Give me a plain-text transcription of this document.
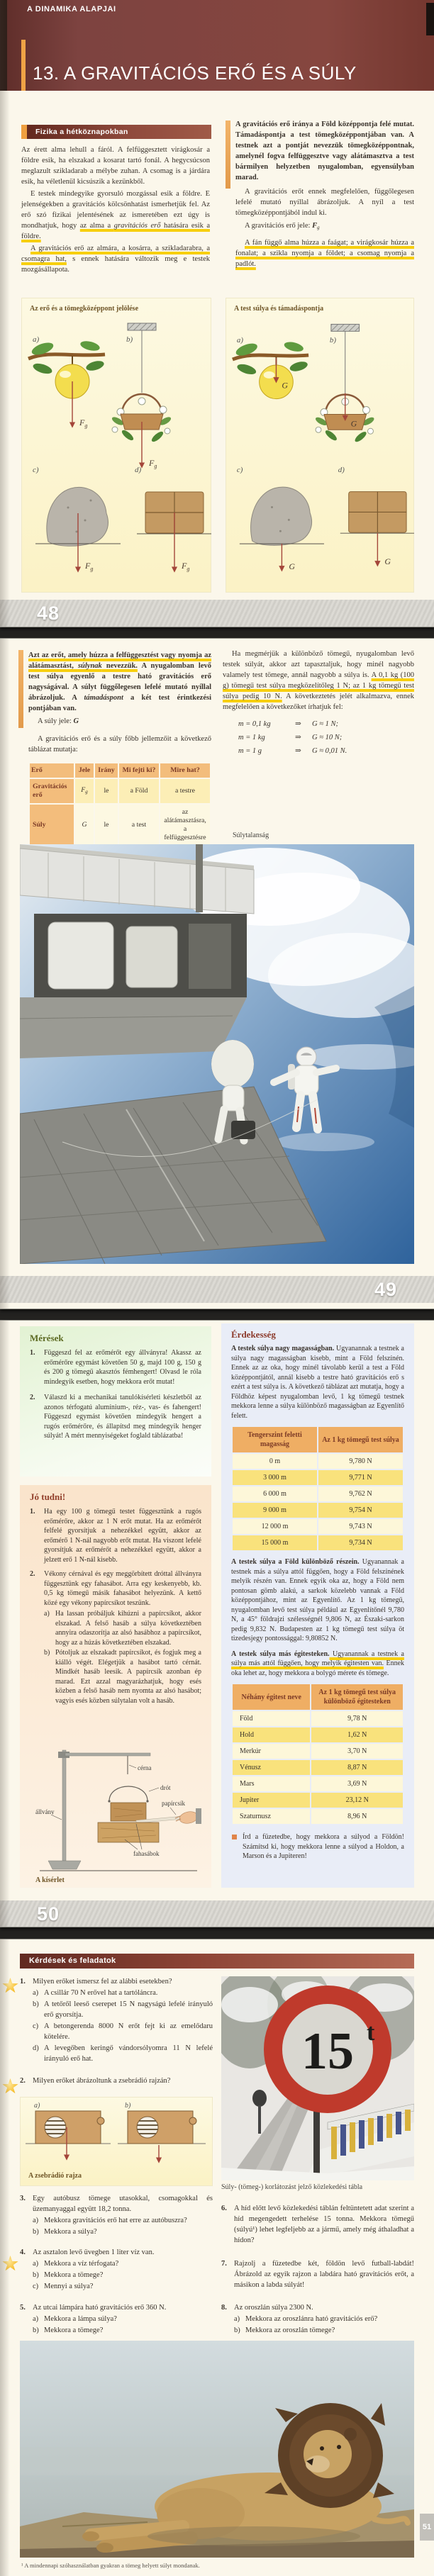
A DINAMIKA ALAPJAI
13. A GRAVITÁCIÓS ERŐ ÉS A SÚLY
Fizika a hétköznapokban

Az érett alma lehull a fáról. A felfüggesztett virágkosár a földre esik, ha elszakad a kosarat tartó fonál. A hegycsúcson meglazult szikladarab a mélybe zuhan. A csomag is a járdára esik, ha véletlenül kicsúszik a kezünkből.

E testek mindegyike gyorsuló mozgással esik a földre. E jelenségekben a gravitációs kölcsönhatást ismerhetjük fel. Az erő szó fizikai jelentésének az ismeretében ezt úgy is mondhatjuk, hogy az alma a gravitációs erő hatására esik a földre.

A gravitációs erő az almára, a kosárra, a szikladarabra, a csomagra hat, s ennek hatására változik meg e testek mozgásállapota.

A gravitációs erő iránya a Föld középpontja felé mutat. Támadáspontja a test tömegközéppontjában van. A testnek azt a pontját nevezzük tömegközéppontnak, amelynél fogva felfüggesztve vagy alátámasztva a test bármilyen helyzetben nyugalomban, egyensúlyban marad.

A gravitációs erőt ennek megfelelően, függőlegesen lefelé mutató nyíllal ábrázoljuk. A nyíl a test tömegközéppontjából indul ki.

A gravitációs erő jele: $F_g$

A fán függő alma húzza a faágat; a virágkosár húzza a fonalat; a szikla nyomja a földet; a csomag nyomja a padlót.

Az erő és a tömegközéppont jelölése
a)
$F_g$
b)
$F_g$
c)
$F_g$
d)
$F_g$
A test súlya és támadáspontja
a)
G
b)
G
c)
G
d)
G
48

Azt az erőt, amely húzza a felfüggesztést vagy nyomja az alátámasztást, súlynak nevezzük. A nyugalomban levő test súlya egyenlő a testre ható gravitációs erő nagyságával. A súlyt függőlegesen lefelé mutató nyíllal ábrázoljuk. A támadáspont a két test érintkezési pontjában van.

A súly jele: G

A gravitációs erő és a súly főbb jellemzőit a következő táblázat mutatja:

Erő	Jele	Irány	Mi fejti ki?	Mire hat?
Gravitációs erő	$F_g$	le	a Föld	a testre
Súly	G	le	a test	az alátámasztásra, a felfüggesztésre

Ha megmérjük a különböző tömegű, nyugalomban levő testek súlyát, akkor azt tapasztaljuk, hogy minél nagyobb valamely test tömege, annál nagyobb a súlya is. A 0,1 kg (100 g) tömegű test súlya megközelítőleg 1 N; az 1 kg tömegű test súlya pedig 10 N. A következtetés jelét alkalmazva, ennek megfelelően a következőket írhatjuk fel:

m = 0,1 kg	⇒ G ≈ 1 N;
m = 1 kg	⇒ G ≈ 10 N;
m = 1 g	⇒ G ≈ 0,01 N.
Súlytalanság
49
Mérések
1. Függeszd fel az erőmérőt egy állványra! Akassz az erőmérőre egymást követően 50 g, majd 100 g, 150 g és 200 g tömegű akasztós fémhengert! Olvasd le róla mindegyik esetben, hogy mekkora erőt mutat!
2. Válaszd ki a mechanikai tanulókísérleti készletből az azonos térfogatú alumínium-, réz-, vas- és fahengert! Függeszd egymást követően mindegyik hengert a rugós erőmérőre, és állapítsd meg mindegyik henger súlyát! A mért mennyiségeket foglald táblázatba!
Jó tudni!
1. Ha egy 100 g tömegű testet függesztünk a rugós erőmérőre, akkor az 1 N erőt mutat. Ha az erőmérőt felfelé gyorsítjuk a nehezékkel együtt, akkor az erőmérő 1 N-nál nagyobb erőt mutat. Ha viszont lefelé gyorsítjuk az erőmérőt a nehezékkel együtt, akkor a jelzett erő 1 N-nál kisebb.
2. Vékony cérnával és egy meggörbített dróttal állványra függesztünk egy fahasábot. Arra egy keskenyebb, kb. 0,5 kg tömegű másik fahasábot helyezünk. A kettő közé egy vékony papírcsíkot teszünk.
a) Ha lassan próbáljuk kihúzni a papírcsíkot, akkor elszakad. A felső hasáb a súlya következtében annyira odaszorítja az alsó hasábhoz a papírcsíkot, hogy az a húzás következtében elszakad.
b) Pótoljuk az elszakadt papírcsíkot, és fogjuk meg a kiálló végét. Elégetjük a hasábot tartó cérnát. Mindkét hasáb leesik. A papírcsík azonban ép marad. Ezt azzal magyarázhatjuk, hogy esés közben a felső hasáb nem nyomta az alsó hasábot; vagyis esés közben súlytalan volt a hasáb.
állvány
cérna
drót
papírcsík
fahasábok
A kísérlet
Érdekesség

A testek súlya nagy magasságban. Ugyanannak a testnek a súlya nagy magasságban kisebb, mint a Föld felszínén. Ennek az az oka, hogy minél távolabb kerül a test a Föld középpontjától, annál kisebb a testre ható gravitációs erő s ezért a test súlya is. A következő táblázat azt mutatja, hogy a Földhöz képest nyugalomban levő, 1 kg tömegű testnek mekkora lenne a súlya különböző magasságban az Egyenlítő felett.

Tengerszint feletti magasság	Az 1 kg tömegű test súlya
0 m	9,780 N
3 000 m	9,771 N
6 000 m	9,762 N
9 000 m	9,754 N
12 000 m	9,743 N
15 000 m	9,734 N

A testek súlya a Föld különböző részein. Ugyanannak a testnek más a súlya attól függően, hogy a Föld felszínének melyik részén van. Ennek egyik oka az, hogy a Föld nem pontosan gömb alakú, a sarkok közelebb vannak a Föld középpontjához, mint az Egyenlítő. Az 1 kg tömegű, nyugalomban levő test súlya például az Egyenlítőnél 9,780 N, a 45° földrajzi szélességnél 9,806 N, az Északi-sarkon pedig 9,832 N. Budapesten az 1 kg tömegű test súlya öt tizedesjegy pontossággal: 9,80852 N.

A testek súlya más égitesteken. Ugyanannak a testnek a súlya más attól függően, hogy melyik égitesten van. Ennek oka lehet az, hogy mekkora a bolygó mérete és tömege.

Néhány égitest neve	Az 1 kg tömegű test súlya különböző égitesteken
Föld	9,78 N
Hold	1,62 N
Merkúr	3,70 N
Vénusz	8,87 N
Mars	3,69 N
Jupiter	23,12 N
Szaturnusz	8,96 N
Írd a füzetedbe, hogy mekkora a súlyod a Földön! Számítsd ki, hogy mekkora lenne a súlyod a Holdon, a Marson és a Jupiteren!
50
Kérdések és feladatok
1. Milyen erőket ismersz fel az alábbi esetekben?
a) A csillár 70 N erővel hat a tartóláncra.
b) A tetőről leeső cserepet 15 N nagyságú lefelé irányuló erő gyorsítja.
c) A betongerenda 8000 N erőt fejt ki az emelődaru kötelére.
d) A levegőben keringő vándorsólyomra 11 N lefelé irányuló erő hat.
2. Milyen erőket ábrázoltunk a zsebrádió rajzán?
a)	b)
A zsebrádió rajza
3. Egy autóbusz tömege utasokkal, csomagokkal és üzemanyaggal együtt 18,2 tonna.
a) Mekkora gravitációs erő hat erre az autóbuszra?
b) Mekkora a súlya?
4. Az asztalon levő üvegben 1 liter víz van.
a) Mekkora a víz térfogata?
b) Mekkora a tömege?
c) Mennyi a súlya?
5. Az utcai lámpára ható gravitációs erő 360 N.
a) Mekkora a lámpa súlya?
b) Mekkora a tömege?
15 t
Súly- (tömeg-) korlátozást jelző közlekedési tábla
6. A híd előtt levő közlekedési táblán feltüntetett adat szerint a híd megengedett terhelése 15 tonna. Mekkora tömegű (súlyú¹) lehet legfeljebb az a jármű, amely még áthaladhat a hídon?
7. Rajzolj a füzetedbe két, földön levő futball-labdát! Ábrázold az egyik rajzon a labdára ható gravitációs erőt, a másikon a labda súlyát!
8. Az oroszlán súlya 2300 N.
a) Mekkora az oroszlánra ható gravitációs erő?
b) Mekkora az oroszlán tömege?
¹ A mindennapi szóhasználatban gyakran a tömeg helyett súlyt mondanak.
51
